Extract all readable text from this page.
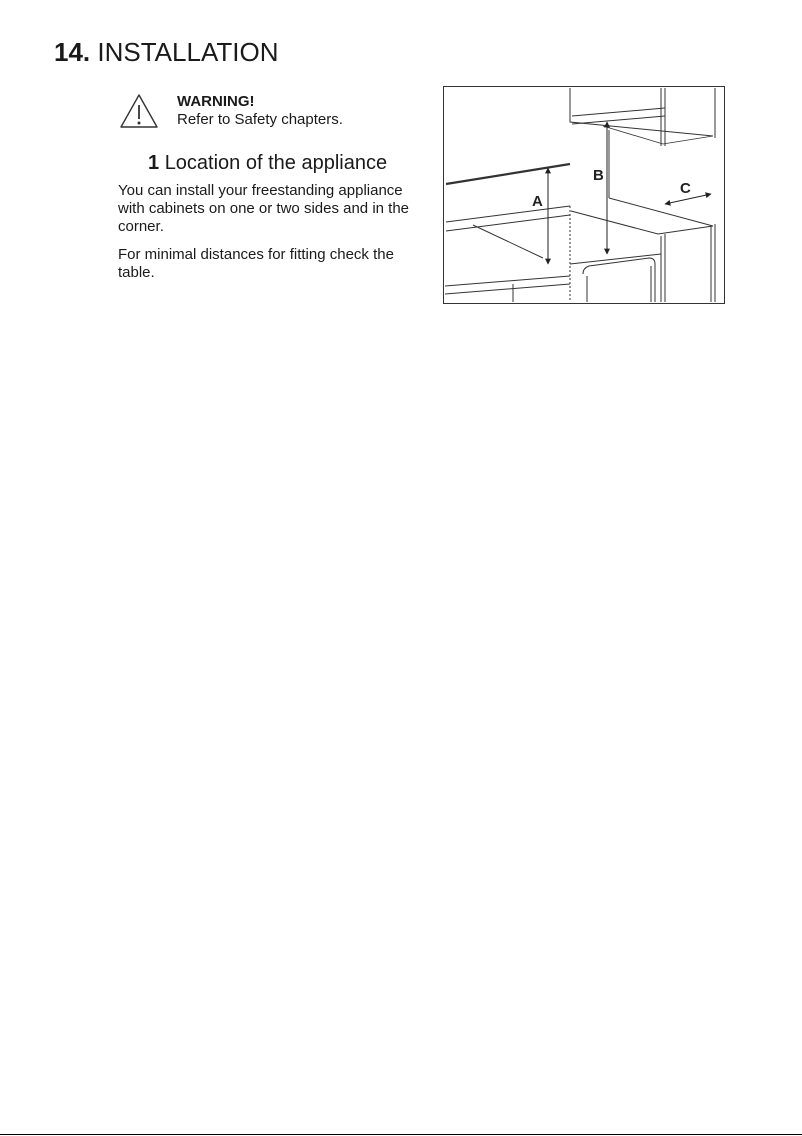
14. INSTALLATION
WARNING!
Refer to Safety chapters.
1 Location of the appliance

You can install your freestanding appliance with cabinets on one or two sides and in the corner.

For minimal distances for fitting check the table.

A
B
C
